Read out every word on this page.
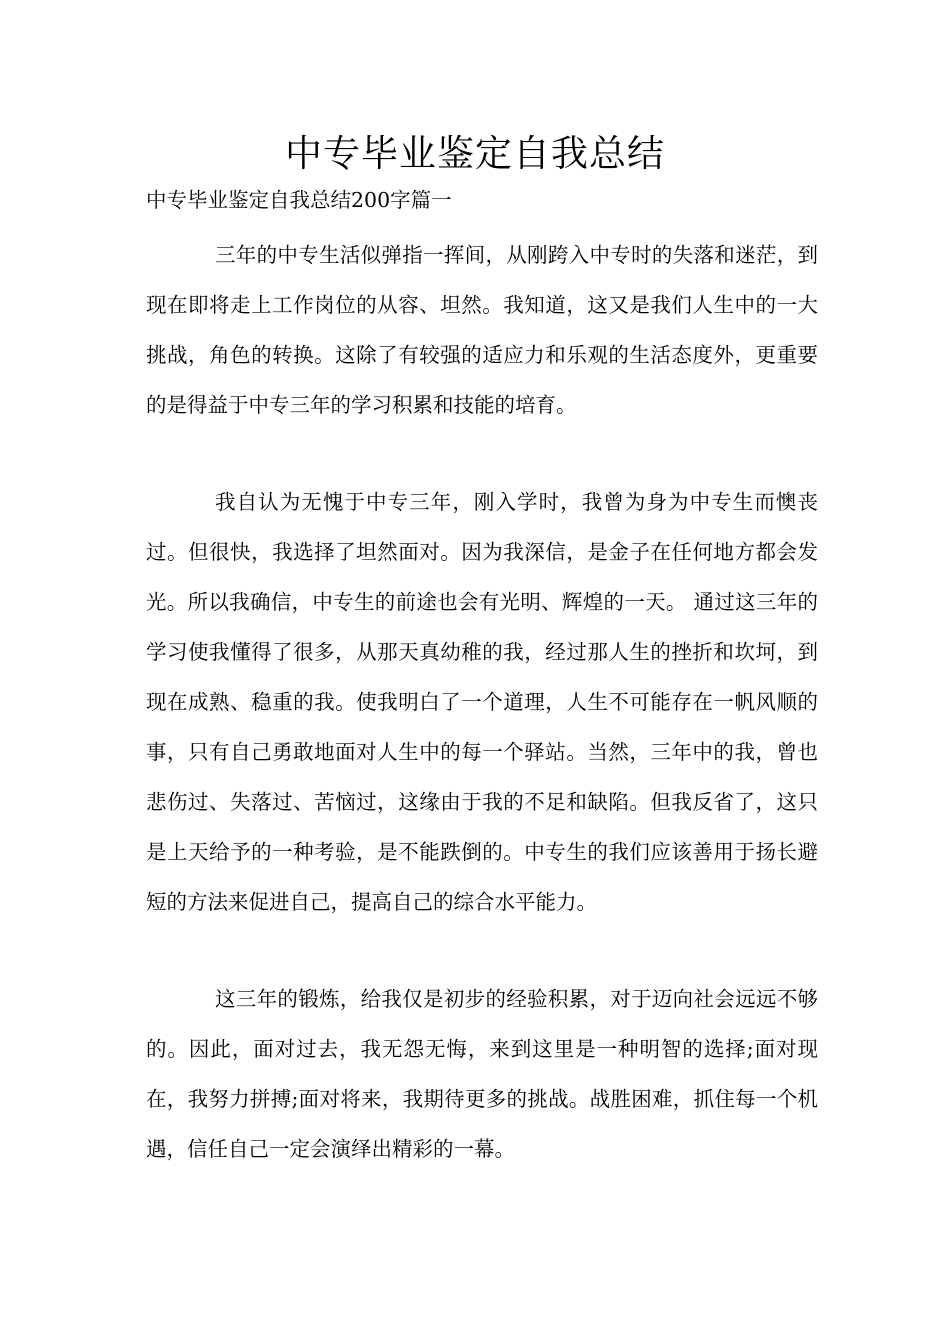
中专毕业鉴定自我总结

中专毕业鉴定自我总结200字篇一

三年的中专生活似弹指一挥间，从刚跨入中专时的失落和迷茫，到现在即将走上工作岗位的从容、坦然。我知道，这又是我们人生中的一大挑战，角色的转换。这除了有较强的适应力和乐观的生活态度外，更重要的是得益于中专三年的学习积累和技能的培育。

我自认为无愧于中专三年，刚入学时，我曾为身为中专生而懊丧过。但很快，我选择了坦然面对。因为我深信，是金子在任何地方都会发光。所以我确信，中专生的前途也会有光明、辉煌的一天。 通过这三年的学习使我懂得了很多，从那天真幼稚的我，经过那人生的挫折和坎坷，到现在成熟、稳重的我。使我明白了一个道理，人生不可能存在一帆风顺的事，只有自己勇敢地面对人生中的每一个驿站。当然，三年中的我，曾也悲伤过、失落过、苦恼过，这缘由于我的不足和缺陷。但我反省了，这只是上天给予的一种考验，是不能跌倒的。中专生的我们应该善用于扬长避短的方法来促进自己，提高自己的综合水平能力。

这三年的锻炼，给我仅是初步的经验积累，对于迈向社会远远不够的。因此，面对过去，我无怨无悔，来到这里是一种明智的选择;面对现在，我努力拼搏;面对将来，我期待更多的挑战。战胜困难，抓住每一个机遇，信任自己一定会演绎出精彩的一幕。
